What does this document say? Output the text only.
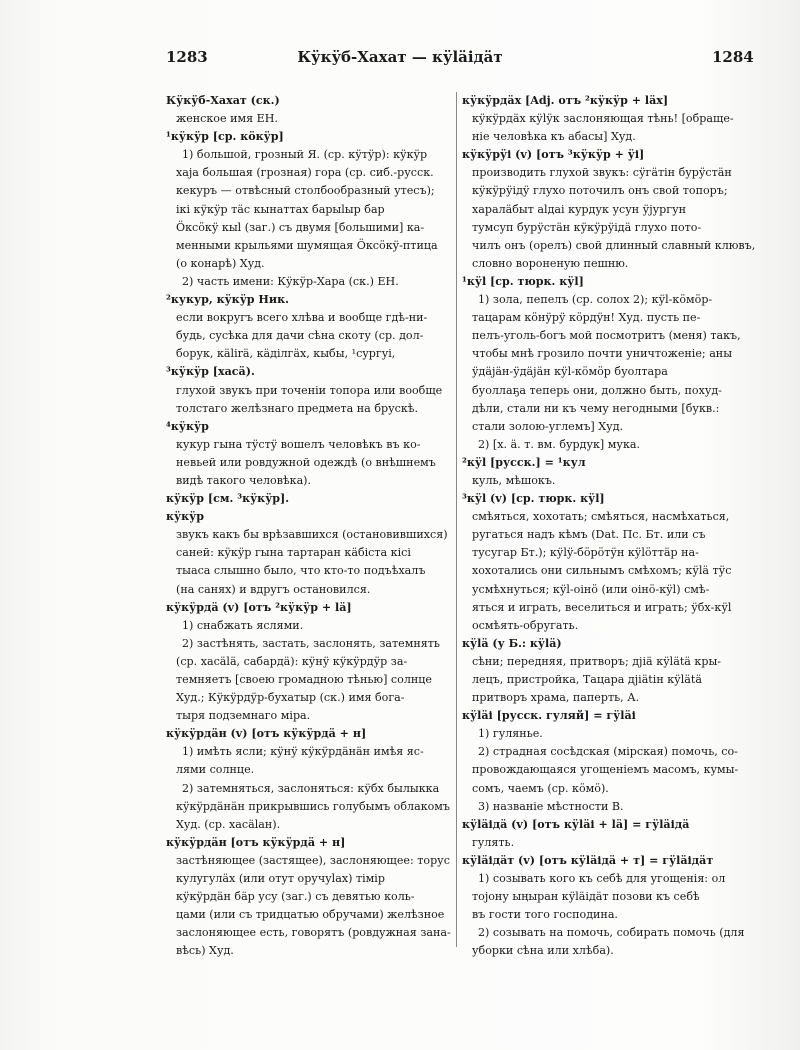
1283	Кӱкӱб-Хахат — кӱläідäт	1284
Кӱкӱб-Хахат (ск.)
женское имя ЕН.
¹кӱкӱр [ср. кӧкӱр]
1) большой, грозный Я. (ср. кӱтӱр): кӱкӱр
хаjа большая (грозная) гора (ср. сиб.-русск.
кекуръ — отвѣсный столбообразный утесъ);
ікі кӱкӱр тäс кынаттах барыlыр бар
Ӧксӧкӱ кыl (заг.) съ двумя [большими] ка-
менными крыльями шумящая Ӧксӧкӱ-птица
(о конарѣ) Худ.
2) часть имени: Кӱкӱр-Хара (ск.) ЕН.
²кукур, кӱкӱр Ник.
если вокругъ всего хлѣва и вообще гдѣ-ни-
будь, сусѣка для дачи сѣна скоту (ср. дол-
борук, кälirä, кäділгäх, кыбы, ¹сургуі,
³кӱкӱр [хасä).
глухой звукъ при точеніи топора или вообще
толстаго желѣзнаго предмета на брускѣ.
⁴кӱкӱр
кукур гына тӱстӱ вошелъ человѣкъ въ ко-
невьей или ровдужной одеждѣ (о внѣшнемъ
видѣ такого человѣка).
кӱкӱр [см. ³кӱкӱр].
кӱкӱр
звукъ какъ бы врѣзавшихся (остановившихся)
саней: кӱкӱр гына тартаран кäбіста кісі
тыаса слышно было, что кто-то подъѣхалъ
(на санях) и вдругъ остановился.
кӱкӱрдä (v) [отъ ²кӱкӱр + lä]
1) снабжать яслями.
2) застѣнять, застать, заслонять, затемнять
(ср. хасälä, сабардä): кӱнӱ кӱкӱрдӱр за-
темняетъ [своею громадною тѣнью] солнце
Худ.; Кӱкӱрдӱр-бухатыр (ск.) имя богa-
тыря подземнаго міра.
кӱкӱрдäн (v) [отъ кӱкӱрдä + н]
1) имѣть ясли; кӱнӱ кӱкӱрдäнäн имѣя яс-
лями солнце.
2) затемняться, заслоняться: кӱбх былыкка
кӱкӱрдäнäн прикрывшись голубымъ облакомъ
Худ. (ср. хасälан).
кӱкӱрдäн [отъ кӱкӱрдä + н]
застѣняющее (застящее), заслоняющее: торус
кулугулäх (или отут оручуlах) тімір
кӱкӱрдäн бäр усу (заг.) съ девятью коль-
цами (или съ тридцатью обручами) желѣзное
заслоняющее есть, говорятъ (ровдужная зана-
вѣсь) Худ.
кӱкӱрдäх [Adj. отъ ²кӱкӱр + läx]
кӱкӱрдäх кӱlӱк заслоняющая тѣнь! [обраще-
ніе человѣка къ абасы] Худ.
кӱкӱрӱі (v) [отъ ³кӱкӱр + ӱі]
производить глухой звукъ: сӱгäтін бурӱстäн
кӱкӱрӱідӱ глухо поточилъ онъ свой топоръ;
харалäбыт аlдаі курдук усун ӱjургун
тумсуп бурӱстäн кӱкӱрӱідä глухо пото-
чилъ онъ (орелъ) свой длинный славный клювъ,
словно вороненую пешню.
¹кӱl [ср. тюрк. кӱl]
1) зола, пепелъ (ср. солох 2); кӱl-кӧмӧр-
тацарам кӧнӱрӱ кӧрдӱн! Худ. пусть пе-
пелъ-уголь-богъ мой посмотритъ (меня) такъ,
чтобы мнѣ грозило почти уничтоженіе; аны
ӱдäjäн-ӱдäjäн кӱl-кӧмӧр буолтара
буоллаҕа теперь они, должно быть, похуд-
дѣли, стали ни къ чему негодными [букв.:
стали золою-углемъ] Худ.
2) [х. ä. т. вм. бурдук] мука.
²кӱl [русск.] = ¹кул
куль, мѣшокъ.
³кӱl (v) [ср. тюрк. кӱl]
смѣяться, хохотать; смѣяться, насмѣхаться,
ругаться надъ кѣмъ (Dat. Пс. Бт. или съ
тусугар Бт.); кӱlӱ-бӧрӧтӱн кӱlӧттäр на-
хохотались они сильнымъ смѣхомъ; кӱlä тӱс
усмѣхнуться; кӱl-оінӧ (или оінӧ-кӱl) смѣ-
яться и играть, веселиться и играть; ӱбх-кӱl
осмѣять-обругать.
кӱlä (у Б.: кӱlä)
сѣни; передняя, притворъ; дjіä кӱlätä кры-
лецъ, пристройка, Тацара дjіätін кӱlätä
притворъ храма, паперть, А.
кӱläі [русск. гуляй] = гӱläі
1) гулянье.
2) страдная сосѣдская (мірская) помочь, со-
провождающаяся угощеніемъ масомъ, кумы-
сомъ, чаемъ (ср. кӧмӧ).
3) названіе мѣстности В.
кӱläідä (v) [отъ кӱläі + lä] = гӱläідä
гулять.
кӱläідäт (v) [отъ кӱläідä + т] = гӱläідäт
1) созывать кого къ себѣ для угощенія: ол
тоjону ыңыран кӱläідäт позови къ себѣ
въ гости того господина.
2) созывать на помочь, собирать помочь (для
уборки сѣна или хлѣба).
